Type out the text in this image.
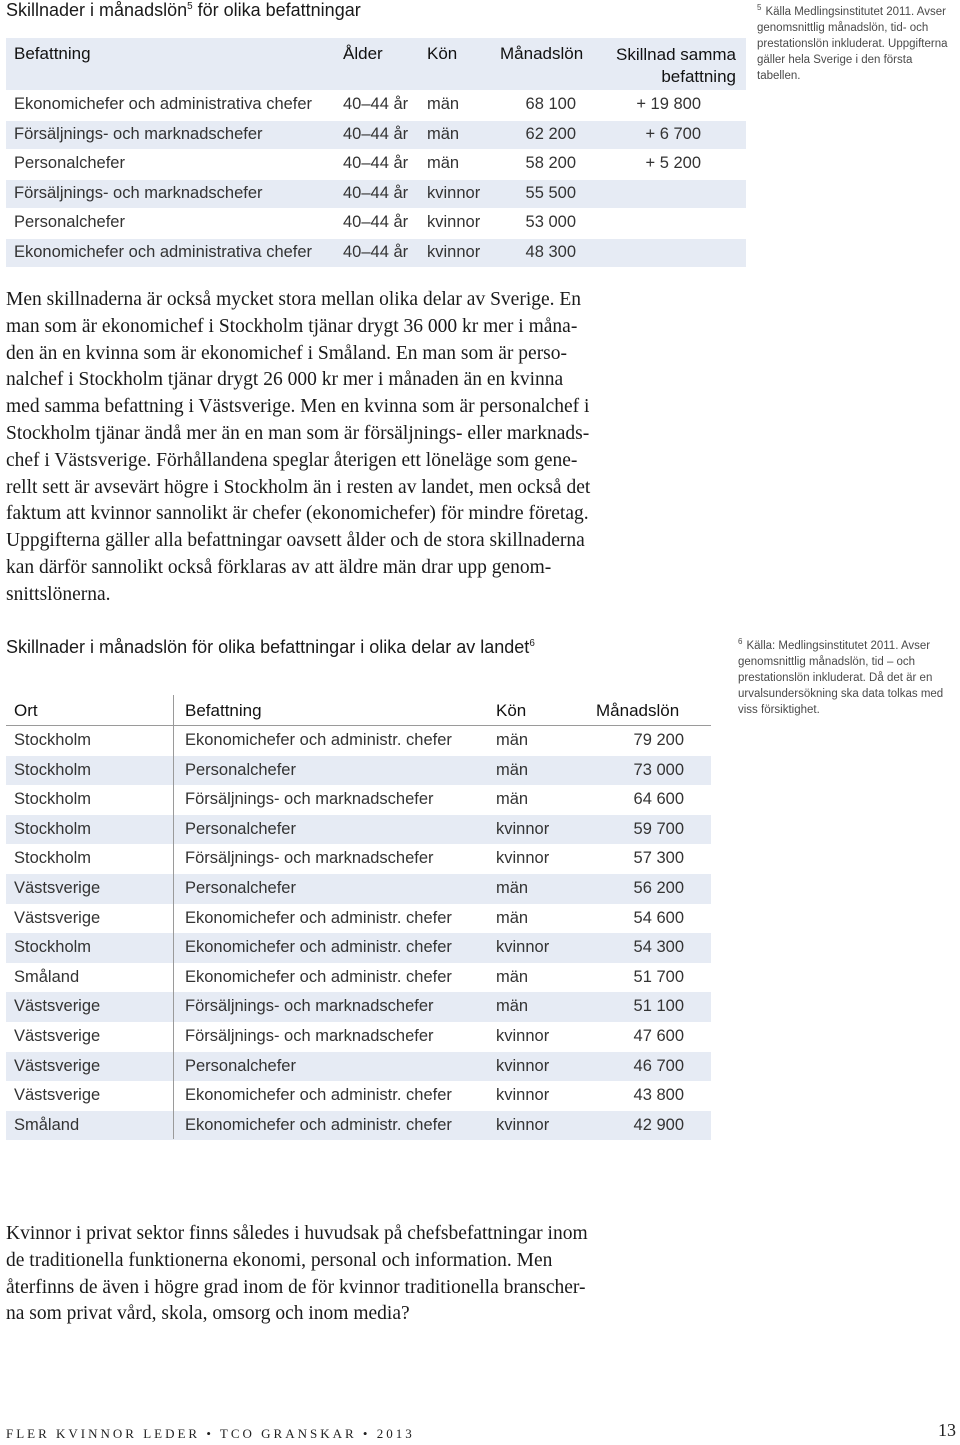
Skillnader i månadslön$^5$ för olika befattningar
Befattning	Ålder	Kön	Månadslön	Skillnad samma
befattning
Ekonomichefer och administrativa chefer 40–44 år män	68 100	+ 19 800
Försäljnings- och marknadschefer	40–44 år män	62 200	+ 6 700
Personalchefer	40–44 år män	58 200	+ 5 200
Försäljnings- och marknadschefer	40–44 år kvinnor	55 500
Personalchefer	40–44 år kvinnor	53 000
Ekonomichefer och administrativa chefer 40–44 år kvinnor	48 300
$^5$ Källa Medlingsinstitutet 2011. Avser genomsnittlig månadslön, tid- och prestationslön inkluderat. Uppgifterna gäller hela Sverige i den första tabellen.
Men skillnaderna är också mycket stora mellan olika delar av Sverige. En
man som är ekonomichef i Stockholm tjänar drygt 36 000 kr mer i måna-
den än en kvinna som är ekonomichef i Småland. En man som är perso-
nalchef i Stockholm tjänar drygt 26 000 kr mer i månaden än en kvinna
med samma befattning i Västsverige. Men en kvinna som är personalchef i
Stockholm tjänar ändå mer än en man som är försäljnings- eller marknads-
chef i Västsverige. Förhållandena speglar återigen ett löneläge som gene-
rellt sett är avsevärt högre i Stockholm än i resten av landet, men också det
faktum att kvinnor sannolikt är chefer (ekonomichefer) för mindre företag.
Uppgifterna gäller alla befattningar oavsett ålder och de stora skillnaderna
kan därför sannolikt också förklaras av att äldre män drar upp genom-
snittslönerna.
Skillnader i månadslön för olika befattningar i olika delar av landet$^6$
Ort	Befattning	Kön	Månadslön
Stockholm	Ekonomichefer och administr. chefer	män	79 200
Stockholm	Personalchefer	män	73 000
Stockholm	Försäljnings- och marknadschefer	män	64 600
Stockholm	Personalchefer	kvinnor	59 700
Stockholm	Försäljnings- och marknadschefer	kvinnor	57 300
Västsverige	Personalchefer	män	56 200
Västsverige	Ekonomichefer och administr. chefer	män	54 600
Stockholm	Ekonomichefer och administr. chefer	kvinnor	54 300
Småland	Ekonomichefer och administr. chefer	män	51 700
Västsverige	Försäljnings- och marknadschefer	män	51 100
Västsverige	Försäljnings- och marknadschefer	kvinnor	47 600
Västsverige	Personalchefer	kvinnor	46 700
Västsverige	Ekonomichefer och administr. chefer	kvinnor	43 800
Småland	Ekonomichefer och administr. chefer	kvinnor	42 900
$^6$ Källa: Medlingsinstitutet 2011. Avser genomsnittlig månadslön, tid – och prestationslön inkluderat. Då det är en urvalsundersökning ska data tolkas med viss försiktighet.
Kvinnor i privat sektor finns således i huvudsak på chefsbefattningar inom
de traditionella funktionerna ekonomi, personal och information. Men
återfinns de även i högre grad inom de för kvinnor traditionella branscher-
na som privat vård, skola, omsorg och inom media?
FLER KVINNOR LEDER • TCO GRANSKAR • 2013	13
